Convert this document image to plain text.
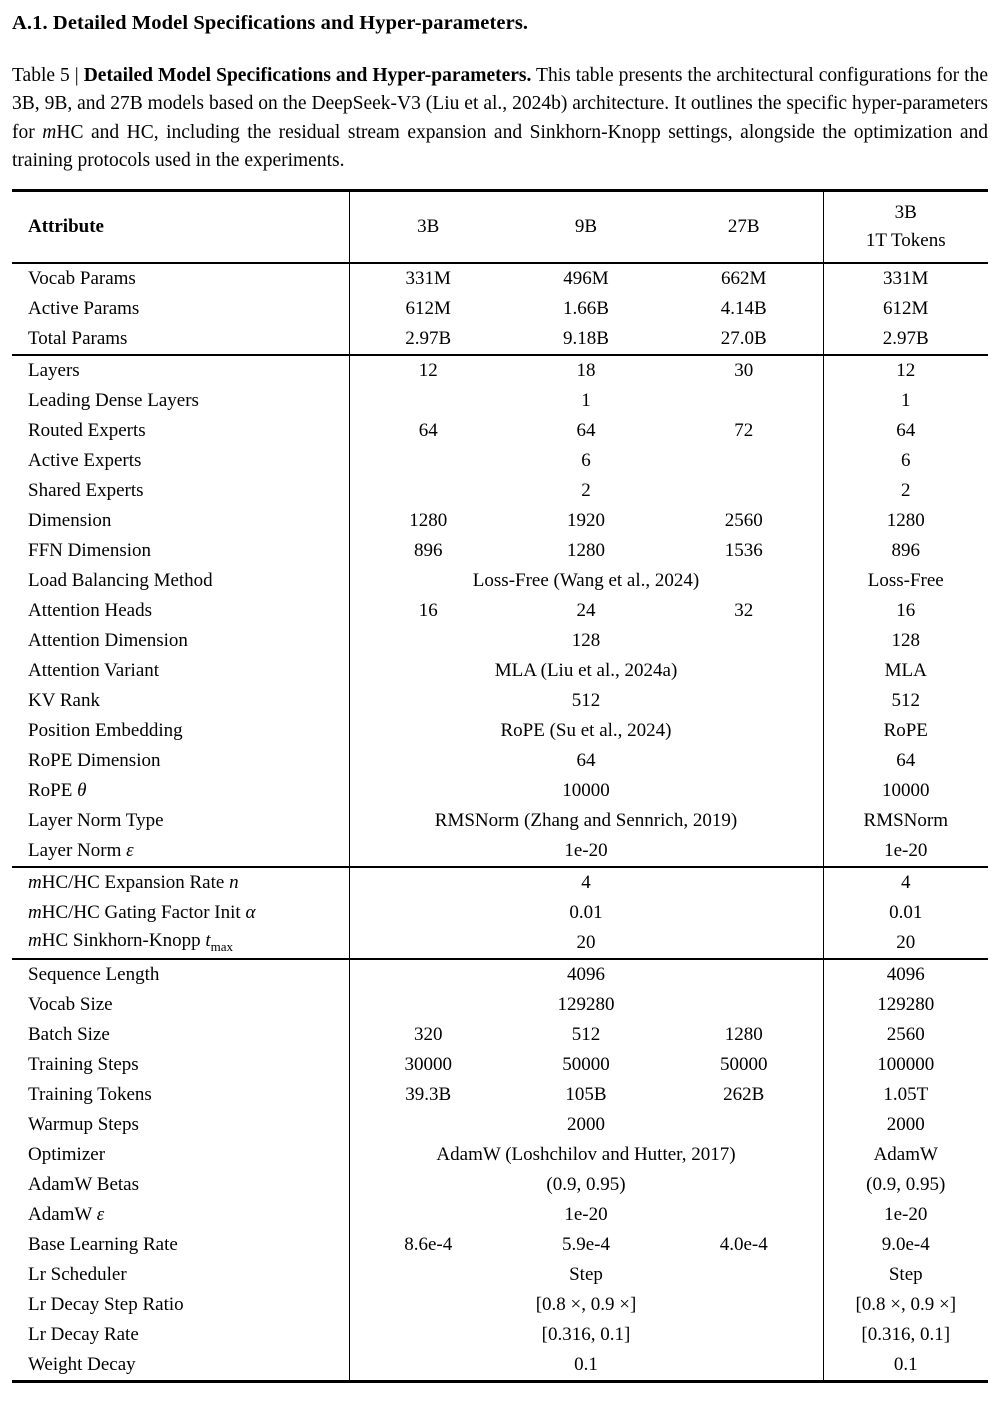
A.1. Detailed Model Specifications and Hyper-parameters.

Table 5 | Detailed Model Specifications and Hyper-parameters. This table presents the architectural configurations for the 3B, 9B, and 27B models based on the DeepSeek-V3 (Liu et al., 2024b) architecture. It outlines the specific hyper-parameters for mHC and HC, including the residual stream expansion and Sinkhorn-Knopp settings, alongside the optimization and training protocols used in the experiments.

Attribute	3B	9B	27B	3B
1T Tokens
Vocab Params	331M	496M	662M	331M
Active Params	612M	1.66B	4.14B	612M
Total Params	2.97B	9.18B	27.0B	2.97B
Layers	12	18	30	12
Leading Dense Layers	1			1
Routed Experts	64	64	72	64
Active Experts	6			6
Shared Experts	2			2
Dimension	1280	1920	2560	1280
FFN Dimension	896	1280	1536	896
Load Balancing Method	Loss-Free (Wang et al., 2024)			Loss-Free
Attention Heads	16	24	32	16
Attention Dimension	128			128
Attention Variant	MLA (Liu et al., 2024a)			MLA
KV Rank	512			512
Position Embedding	RoPE (Su et al., 2024)			RoPE
RoPE Dimension	64			64
RoPE θ	10000			10000
Layer Norm Type	RMSNorm (Zhang and Sennrich, 2019)			RMSNorm
Layer Norm ε	1e-20			1e-20
mHC/HC Expansion Rate n	4			4
mHC/HC Gating Factor Init α	0.01			0.01
mHC Sinkhorn-Knopp $t_{max}$	20			20
Sequence Length	4096			4096
Vocab Size	129280			129280
Batch Size	320	512	1280	2560
Training Steps	30000	50000	50000	100000
Training Tokens	39.3B	105B	262B	1.05T
Warmup Steps	2000			2000
Optimizer	AdamW (Loshchilov and Hutter, 2017)			AdamW
AdamW Betas	(0.9, 0.95)			(0.9, 0.95)
AdamW ε	1e-20			1e-20
Base Learning Rate	8.6e-4	5.9e-4	4.0e-4	9.0e-4
Lr Scheduler	Step			Step
Lr Decay Step Ratio	[0.8 ×, 0.9 ×]			[0.8 ×, 0.9 ×]
Lr Decay Rate	[0.316, 0.1]			[0.316, 0.1]
Weight Decay	0.1			0.1
